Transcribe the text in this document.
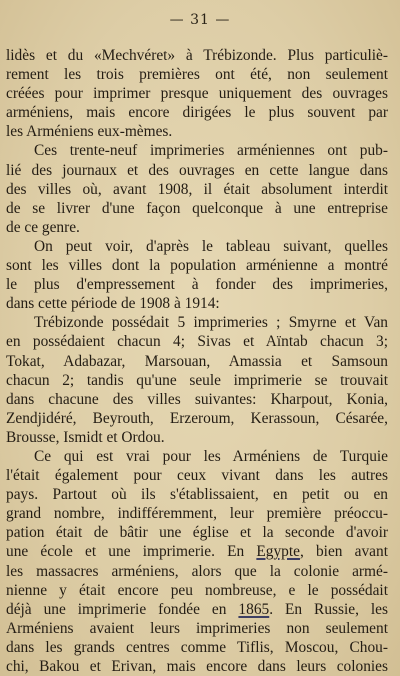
— 31 —
lidès et du «Mechvéret» à Trébizonde. Plus particuliè-
rement les trois premières ont été, non seulement
créées pour imprimer presque uniquement des ouvrages
arméniens, mais encore dirigées le plus souvent par
les Arméniens eux-mèmes.
Ces trente-neuf imprimeries arméniennes ont pub-
lié des journaux et des ouvrages en cette langue dans
des villes où, avant 1908, il était absolument interdit
de se livrer d'une façon quelconque à une entreprise
de ce genre.
On peut voir, d'après le tableau suivant, quelles
sont les villes dont la population arménienne a montré
le plus d'empressement à fonder des imprimeries,
dans cette période de 1908 à 1914:
Trébizonde possédait 5 imprimeries ; Smyrne et Van
en possédaient chacun 4; Sivas et Aïntab chacun 3;
Tokat, Adabazar, Marsouan, Amassia et Samsoun
chacun 2; tandis qu'une seule imprimerie se trouvait
dans chacune des villes suivantes: Kharpout, Konia,
Zendjidéré, Beyrouth, Erzeroum, Kerassoun, Césarée,
Brousse, Ismidt et Ordou.
Ce qui est vrai pour les Arméniens de Turquie
l'était également pour ceux vivant dans les autres
pays. Partout où ils s'établissaient, en petit ou en
grand nombre, indifféremment, leur première préoccu-
pation était de bâtir une église et la seconde d'avoir
une école et une imprimerie. En Egypte, bien avant
les massacres arméniens, alors que la colonie armé-
nienne y était encore peu nombreuse, e le possédait
déjà une imprimerie fondée en 1865. En Russie, les
Arméniens avaient leurs imprimeries non seulement
dans les grands centres comme Tiflis, Moscou, Chou-
chi, Bakou et Erivan, mais encore dans leurs colonies
